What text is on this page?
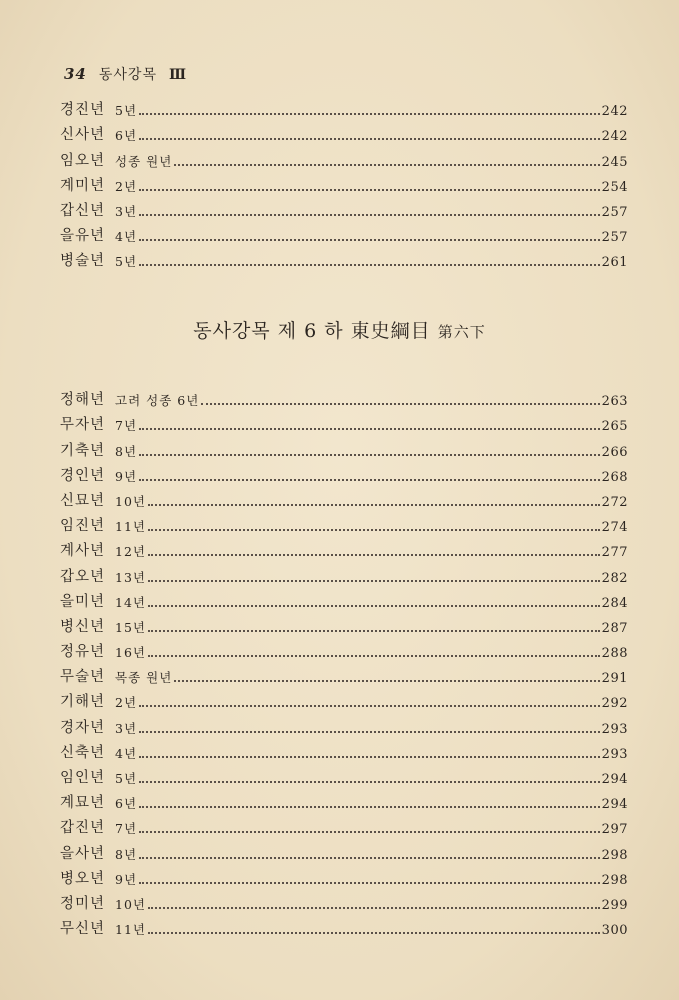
34 동사강목 Ⅲ
경진년 5년	242
신사년 6년	242
임오년 성종 원년	245
계미년 2년	254
갑신년 3년	257
을유년 4년	257
병술년 5년	261
동사강목 제 6 하 東史綱目 第六下
정해년 고려 성종 6년	263
무자년 7년	265
기축년 8년	266
경인년 9년	268
신묘년 10년	272
임진년 11년	274
계사년 12년	277
갑오년 13년	282
을미년 14년	284
병신년 15년	287
정유년 16년	288
무술년 목종 원년	291
기해년 2년	292
경자년 3년	293
신축년 4년	293
임인년 5년	294
계묘년 6년	294
갑진년 7년	297
을사년 8년	298
병오년 9년	298
정미년 10년	299
무신년 11년	300
